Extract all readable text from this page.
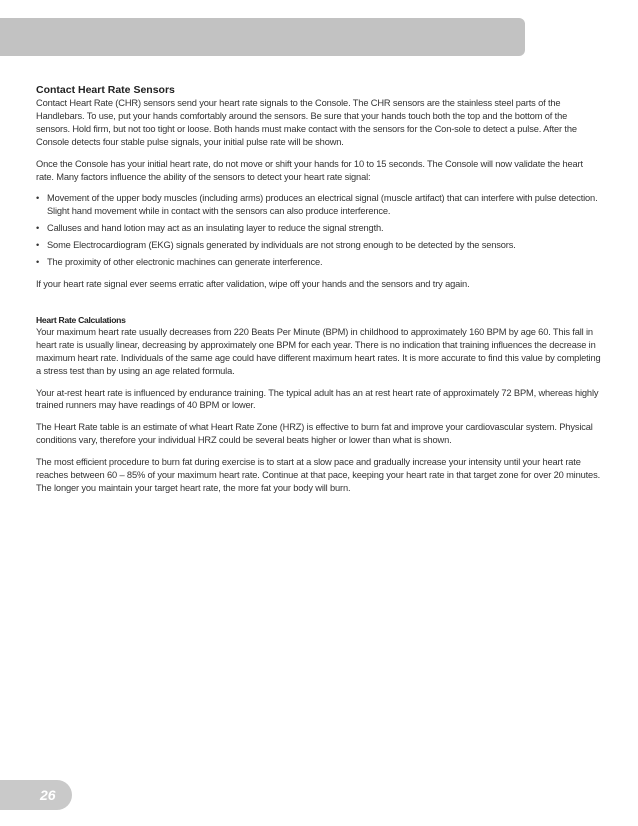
Contact Heart Rate Sensors

Contact Heart Rate (CHR) sensors send your heart rate signals to the Console. The CHR sensors are the stainless steel parts of the Handlebars. To use, put your hands comfortably around the sensors. Be sure that your hands touch both the top and the bottom of the sensors. Hold firm, but not too tight or loose. Both hands must make contact with the sensors for the Con-sole to detect a pulse. After the Console detects four stable pulse signals, your initial pulse rate will be shown.

Once the Console has your initial heart rate, do not move or shift your hands for 10 to 15 seconds. The Console will now validate the heart rate. Many factors influence the ability of the sensors to detect your heart rate signal:

• Movement of the upper body muscles (including arms) produces an electrical signal (muscle artifact) that can interfere with pulse detection. Slight hand movement while in contact with the sensors can also produce interference.
• Calluses and hand lotion may act as an insulating layer to reduce the signal strength.
• Some Electrocardiogram (EKG) signals generated by individuals are not strong enough to be detected by the sensors.
• The proximity of other electronic machines can generate interference.

If your heart rate signal ever seems erratic after validation, wipe off your hands and the sensors and try again.

Heart Rate Calculations

Your maximum heart rate usually decreases from 220 Beats Per Minute (BPM) in childhood to approximately 160 BPM by age 60. This fall in heart rate is usually linear, decreasing by approximately one BPM for each year. There is no indication that training influences the decrease in maximum heart rate. Individuals of the same age could have different maximum heart rates. It is more accurate to find this value by completing a stress test than by using an age related formula.

Your at-rest heart rate is influenced by endurance training. The typical adult has an at rest heart rate of approximately 72 BPM, whereas highly trained runners may have readings of 40 BPM or lower.

The Heart Rate table is an estimate of what Heart Rate Zone (HRZ) is effective to burn fat and improve your cardiovascular system. Physical conditions vary, therefore your individual HRZ could be several beats higher or lower than what is shown.

The most efficient procedure to burn fat during exercise is to start at a slow pace and gradually increase your intensity until your heart rate reaches between 60 – 85% of your maximum heart rate. Continue at that pace, keeping your heart rate in that target zone for over 20 minutes. The longer you maintain your target heart rate, the more fat your body will burn.

26
